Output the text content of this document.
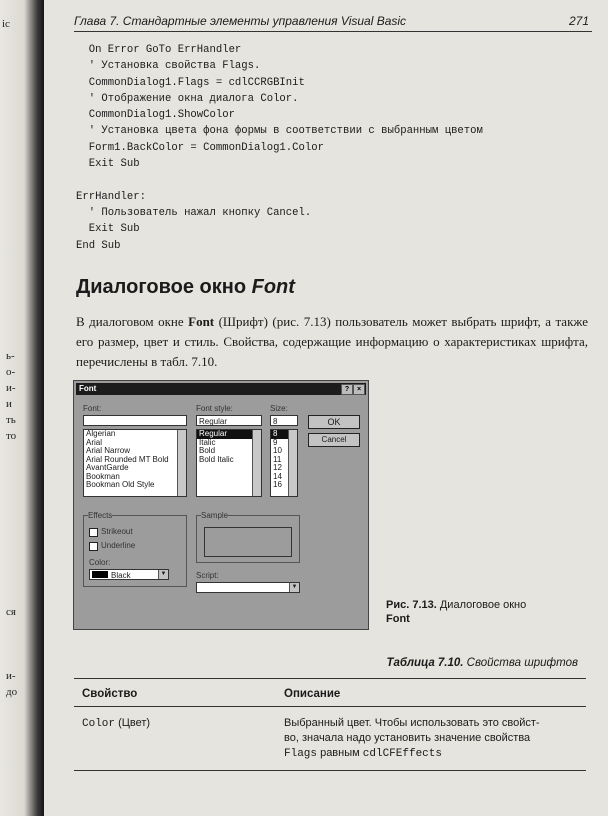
ic
ь-
о-
и-
и
ть
то
ся
и-
до
Глава 7. Стандартные элементы управления Visual Basic	271
On Error GoTo ErrHandler
' Установка свойства Flags.
CommonDialog1.Flags = cdlCCRGBInit
' Отображение окна диалога Color.
CommonDialog1.ShowColor
' Установка цвета фона формы в соответствии с выбранным цветом
Form1.BackColor = CommonDialog1.Color
Exit Sub

ErrHandler:
' Пользователь нажал кнопку Cancel.
Exit Sub
End Sub
Диалоговое окно Font

В диалоговом окне Font (Шрифт) (рис. 7.13) пользователь может выбрать шрифт, а также его размер, цвет и стиль. Свойства, содержащие информацию о характеристиках шрифта, перечислены в табл. 7.10.

Font	?	×
Font:
Algerian
Arial
Arial Narrow
Arial Rounded MT Bold
AvantGarde
Bookman
Bookman Old Style
Font style:
Regular
Regular
Italic
Bold
Bold Italic
Size:
8
8
9
10
11
12
14
16
OK
Cancel
Effects
Strikeout
Underline
Color:
Black	▼
Sample
Script:
▼
Рис. 7.13. Диалоговое окно
Font
Таблица 7.10. Свойства шрифтов
Свойство	Описание
Color (Цвет)	Выбранный цвет. Чтобы использовать это свойст-
во, значала надо установить значение свойства
Flags равным cdlCFEffects
